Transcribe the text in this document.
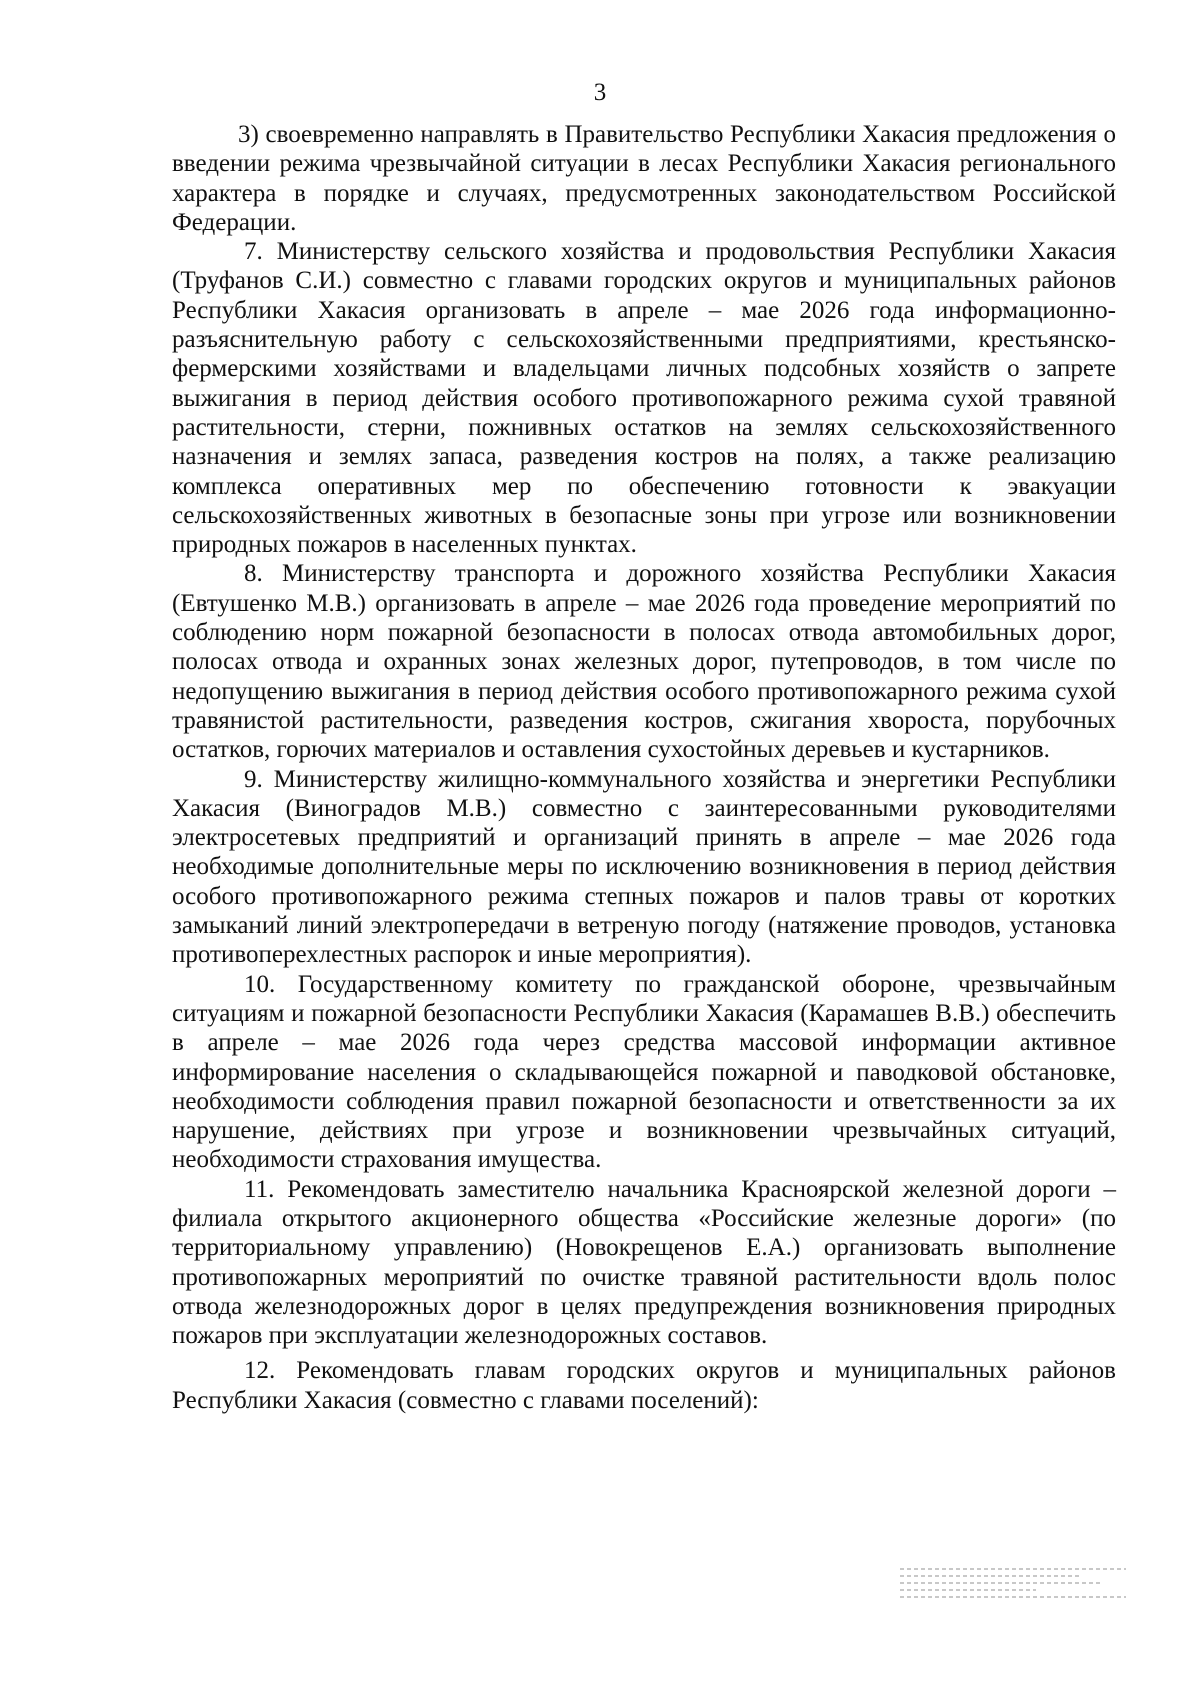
3

3) своевременно направлять в Правительство Республики Хакасия предложения о введении режима чрезвычайной ситуации в лесах Республики Хакасия регионального характера в порядке и случаях, предусмотренных законодательством Российской Федерации.

7. Министерству сельского хозяйства и продовольствия Республики Хакасия (Труфанов С.И.) совместно с главами городских округов и муниципальных районов Республики Хакасия организовать в апреле – мае 2026 года информационно-разъяснительную работу с сельскохозяйственными предприятиями, крестьянско-фермерскими хозяйствами и владельцами личных подсобных хозяйств о запрете выжигания в период действия особого противопожарного режима сухой травяной растительности, стерни, пожнивных остатков на землях сельскохозяйственного назначения и землях запаса, разведения костров на полях, а также реализацию комплекса оперативных мер по обеспечению готовности к эвакуации сельскохозяйственных животных в безопасные зоны при угрозе или возникновении природных пожаров в населенных пунктах.

8. Министерству транспорта и дорожного хозяйства Республики Хакасия (Евтушенко М.В.) организовать в апреле – мае 2026 года проведение мероприятий по соблюдению норм пожарной безопасности в полосах отвода автомобильных дорог, полосах отвода и охранных зонах железных дорог, путепроводов, в том числе по недопущению выжигания в период действия особого противопожарного режима сухой травянистой растительности, разведения костров, сжигания хвороста, порубочных остатков, горючих материалов и оставления сухостойных деревьев и кустарников.

9. Министерству жилищно-коммунального хозяйства и энергетики Республики Хакасия (Виноградов М.В.) совместно с заинтересованными руководителями электросетевых предприятий и организаций принять в апреле – мае 2026 года необходимые дополнительные меры по исключению возникновения в период действия особого противопожарного режима степных пожаров и палов травы от коротких замыканий линий электропередачи в ветреную погоду (натяжение проводов, установка противоперехлестных распорок и иные мероприятия).

10. Государственному комитету по гражданской обороне, чрезвычайным ситуациям и пожарной безопасности Республики Хакасия (Карамашев В.В.) обеспечить в апреле – мае 2026 года через средства массовой информации активное информирование населения о складывающейся пожарной и паводковой обстановке, необходимости соблюдения правил пожарной безопасности и ответственности за их нарушение, действиях при угрозе и возникновении чрезвычайных ситуаций, необходимости страхования имущества.

11. Рекомендовать заместителю начальника Красноярской железной дороги – филиала открытого акционерного общества «Российские железные дороги» (по территориальному управлению) (Новокрещенов Е.А.) организовать выполнение противопожарных мероприятий по очистке травяной растительности вдоль полос отвода железнодорожных дорог в целях предупреждения возникновения природных пожаров при эксплуатации железнодорожных составов.

12. Рекомендовать главам городских округов и муниципальных районов Республики Хакасия (совместно с главами поселений):
